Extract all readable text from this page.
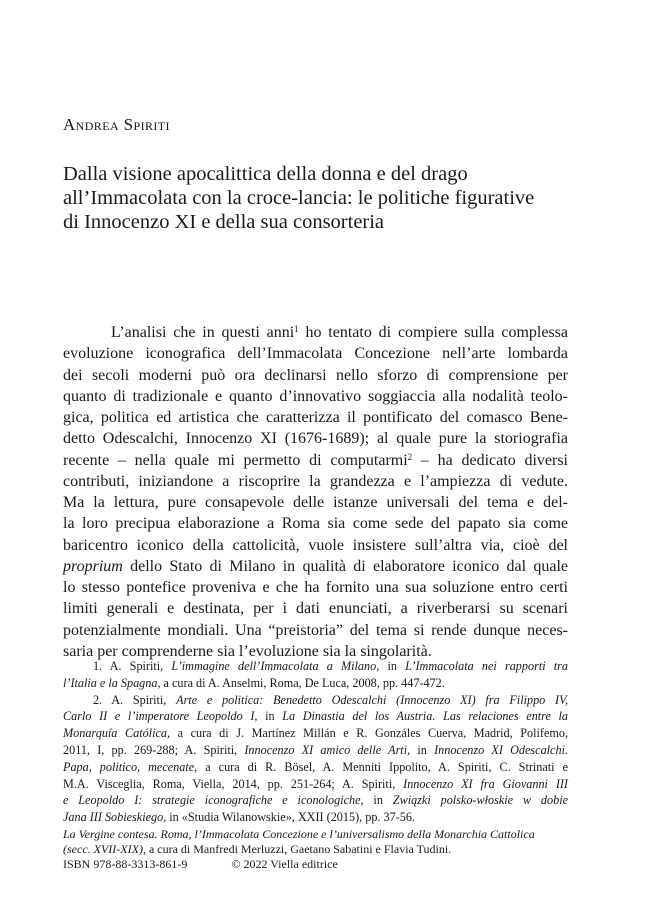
Andrea Spiriti
Dalla visione apocalittica della donna e del drago
all’Immacolata con la croce-lancia: le politiche figurative
di Innocenzo XI e della sua consorteria
L’analisi che in questi anni$^1$ ho tentato di compiere sulla complessa
evoluzione iconografica dell’Immacolata Concezione nell’arte lombarda
dei secoli moderni può ora declinarsi nello sforzo di comprensione per
quanto di tradizionale e quanto d’innovativo soggiaccia alla nodalità teolo-
gica, politica ed artistica che caratterizza il pontificato del comasco Bene-
detto Odescalchi, Innocenzo XI (1676-1689); al quale pure la storiografia
recente – nella quale mi permetto di computarmi$^2$ – ha dedicato diversi
contributi, iniziandone a riscoprire la grandezza e l’ampiezza di vedute.
Ma la lettura, pure consapevole delle istanze universali del tema e del-
la loro precipua elaborazione a Roma sia come sede del papato sia come
baricentro iconico della cattolicità, vuole insistere sull’altra via, cioè del
proprium dello Stato di Milano in qualità di elaboratore iconico dal quale
lo stesso pontefice proveniva e che ha fornito una sua soluzione entro certi
limiti generali e destinata, per i dati enunciati, a riverberarsi su scenari
potenzialmente mondiali. Una “preistoria” del tema si rende dunque neces-
saria per comprenderne sia l’evoluzione sia la singolarità.
1. A. Spiriti, L’immagine dell’Immacolata a Milano, in L’Immacolata nei rapporti tra
l’Italia e la Spagna, a cura di A. Anselmi, Roma, De Luca, 2008, pp. 447-472.
2. A. Spiriti, Arte e politica: Benedetto Odescalchi (Innocenzo XI) fra Filippo IV,
Carlo II e l’imperatore Leopoldo I, in La Dinastia del los Austria. Las relaciones entre la
Monarquía Católica, a cura di J. Martínez Millán e R. Gonzáles Cuerva, Madrid, Polifemo,
2011, I, pp. 269-288; A. Spiriti, Innocenzo XI amico delle Arti, in Innocenzo XI Odescalchi.
Papa, politico, mecenate, a cura di R. Bösel, A. Menniti Ippolito, A. Spiriti, C. Strinati e
M.A. Visceglia, Roma, Viella, 2014, pp. 251-264; A. Spiriti, Innocenzo XI fra Giovanni III
e Leopoldo I: strategie iconografiche e iconologiche, in Związki polsko-włoskie w dobie
Jana III Sobieskiego, in «Studia Wilanowskie», XXII (2015), pp. 37-56.
La Vergine contesa. Roma, l’Immacolata Concezione e l’universalismo della Monarchia Cattolica
(secc. XVII-XIX), a cura di Manfredi Merluzzi, Gaetano Sabatini e Flavia Tudini.
ISBN 978-88-3313-861-9	© 2022 Viella editrice
